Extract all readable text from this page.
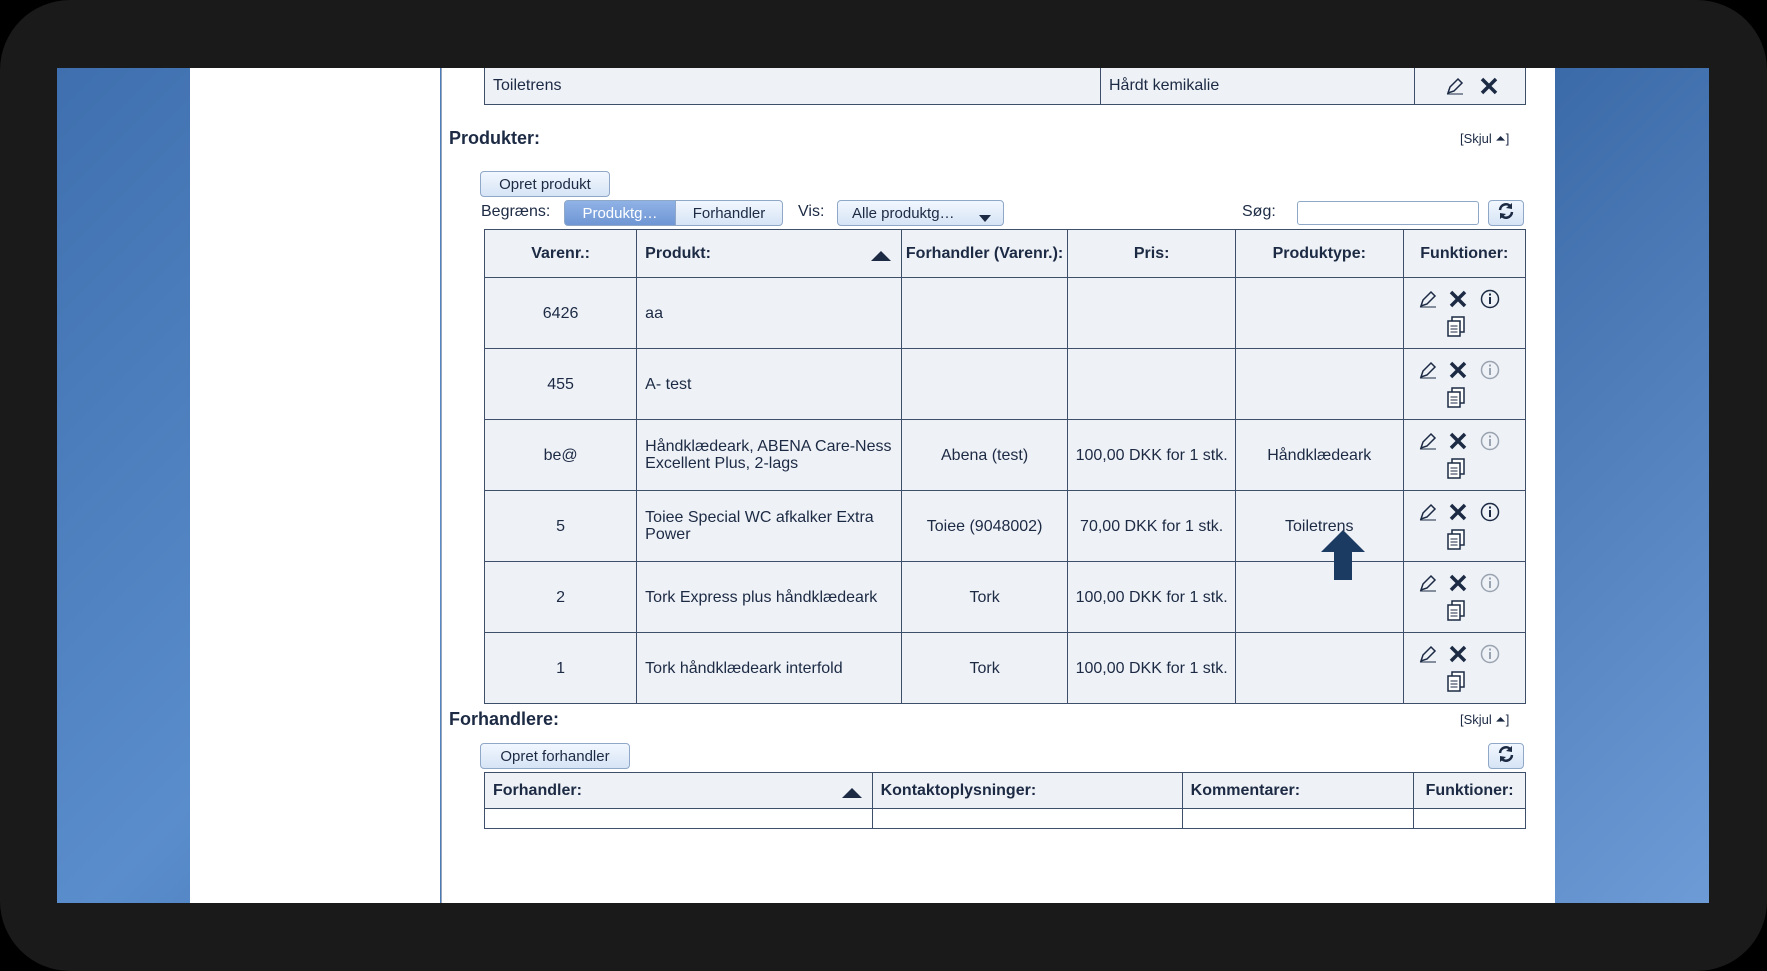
Toiletrens	Hårdt kemikalie	
Produkter:	[Skjul ⏶]
Opret produkt
Begræns:	Produktg…	Forhandler	Vis: Alle produktg…	Søg:
Varenr.:	Produkt:	Forhandler (Varenr.):	Pris:	Produktype:	Funktioner:
6426	aa				

455	A- test				

be@	Håndklædeark, ABENA Care-Ness Excellent Plus, 2-lags	Abena (test)	100,00 DKK for 1 stk.	Håndklædeark	

5	Toiee Special WC afkalker Extra Power	Toiee (9048002)	70,00 DKK for 1 stk.	Toiletrens	

2	Tork Express plus håndklædeark	Tork	100,00 DKK for 1 stk.		

1	Tork håndklædeark interfold	Tork	100,00 DKK for 1 stk.		
Forhandlere:	[Skjul ⏶]
Opret forhandler
Forhandler:	Kontaktoplysninger:	Kommentarer:	Funktioner:
